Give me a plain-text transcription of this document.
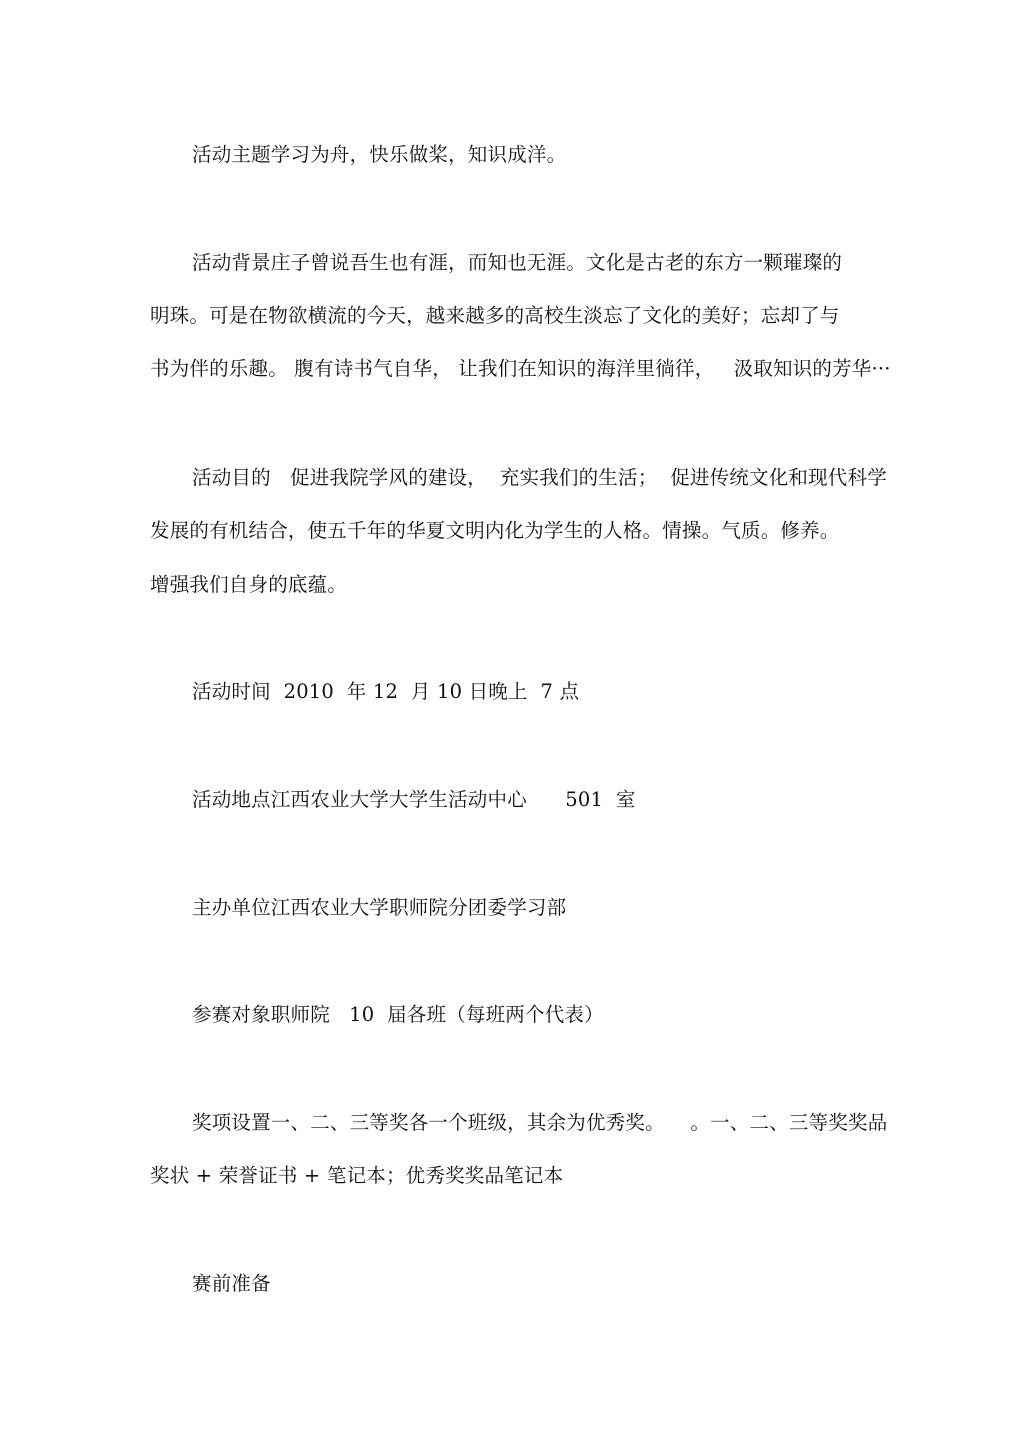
活动主题学习为舟，快乐做桨，知识成洋。
活动背景庄子曾说吾生也有涯，而知也无涯。文化是古老的东方一颗璀璨的
明珠。可是在物欲横流的今天，越来越多的高校生淡忘了文化的美好；忘却了与
书为伴的乐趣。 腹有诗书气自华， 让我们在知识的海洋里徜徉，   汲取知识的芳华···
活动目的   促进我院学风的建设，  充实我们的生活；  促进传统文化和现代科学
发展的有机结合，使五千年的华夏文明内化为学生的人格。情操。气质。修养。
增强我们自身的底蕴。
活动时间  2010  年 12  月 10 日晚上  7 点
活动地点江西农业大学大学生活动中心      501  室
主办单位江西农业大学职师院分团委学习部
参赛对象职师院   10  届各班（每班两个代表）
奖项设置一、二、三等奖各一个班级，其余为优秀奖。    。一、二、三等奖奖品
奖状 + 荣誉证书 + 笔记本；优秀奖奖品笔记本
赛前准备
